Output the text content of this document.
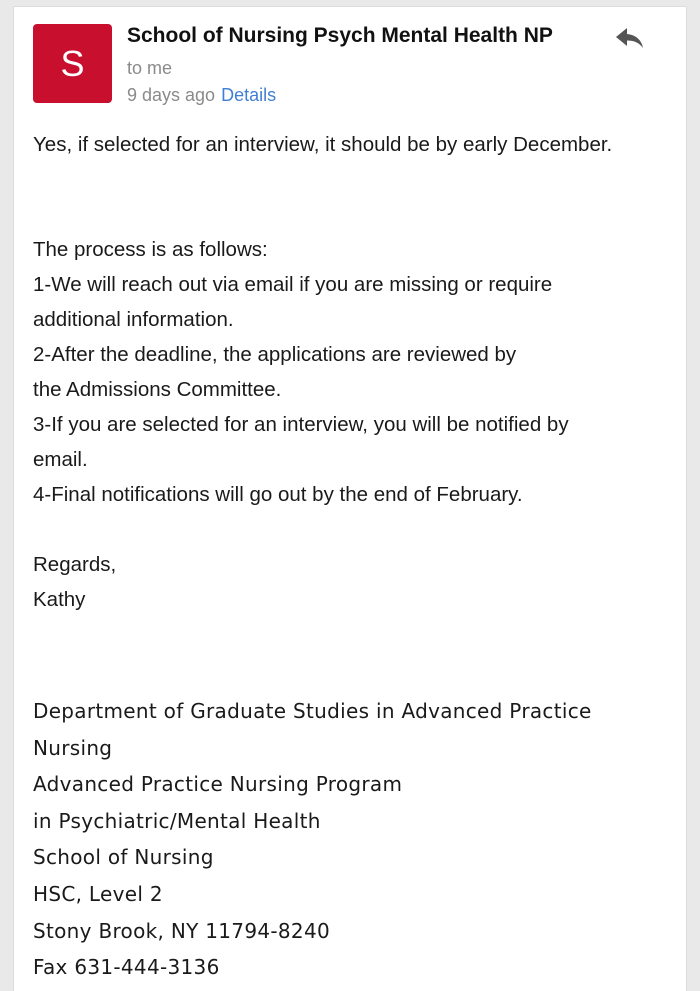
S
School of Nursing Psych Mental Health NP
to me
9 days ago Details
Yes, if selected for an interview, it should be by early December.
The process is as follows:
1-We will reach out via email if you are missing or require
additional information.
2-After the deadline, the applications are reviewed by
the Admissions Committee.
3-If you are selected for an interview, you will be notified by
email.
4-Final notifications will go out by the end of February.
Regards,
Kathy
Department of Graduate Studies in Advanced Practice
Nursing
Advanced Practice Nursing Program
in Psychiatric/Mental Health
School of Nursing
HSC, Level 2
Stony Brook, NY 11794-8240
Fax 631-444-3136
